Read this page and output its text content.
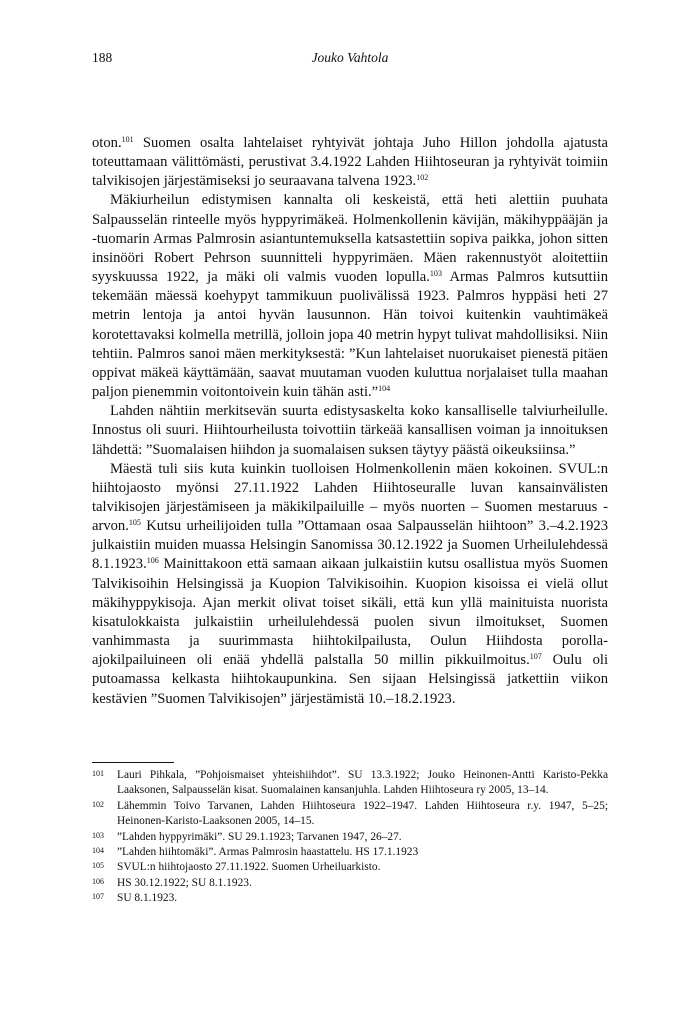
188	Jouko Vahtola

oton.$^{101}$ Suomen osalta lahtelaiset ryhtyivät johtaja Juho Hillon johdolla ajatusta toteuttamaan välittömästi, perustivat 3.4.1922 Lahden Hiihtoseuran ja ryhtyivät toimiin talvikisojen järjestämiseksi jo seuraavana talvena 1923.$^{102}$

Mäkiurheilun edistymisen kannalta oli keskeistä, että heti alettiin puuhata Salpausselän rinteelle myös hyppyrimäkeä. Holmenkollenin kävijän, mäkihyppääjän ja -tuomarin Armas Palmrosin asiantuntemuksella katsastettiin sopiva paikka, johon sitten insinööri Robert Pehrson suunnitteli hyppyrimäen. Mäen rakennustyöt aloitettiin syyskuussa 1922, ja mäki oli valmis vuoden lopulla.$^{103}$ Armas Palmros kutsuttiin tekemään mäessä koehypyt tammikuun puolivälissä 1923. Palmros hyppäsi heti 27 metrin lentoja ja antoi hyvän lausunnon. Hän toivoi kuitenkin vauhtimäkeä korotettavaksi kolmella metrillä, jolloin jopa 40 metrin hypyt tulivat mahdollisiksi. Niin tehtiin. Palmros sanoi mäen merkityksestä: ”Kun lahtelaiset nuorukaiset pienestä pitäen oppivat mäkeä käyttämään, saavat muutaman vuoden kuluttua norjalaiset tulla maahan paljon pienemmin voitontoivein kuin tähän asti.”$^{104}$

Lahden nähtiin merkitsevän suurta edistysaskelta koko kansalliselle talviurheilulle. Innostus oli suuri. Hiihtourheilusta toivottiin tärkeää kansallisen voiman ja innoituksen lähdettä: ”Suomalaisen hiihdon ja suomalaisen suksen täytyy päästä oikeuksiinsa.”

Mäestä tuli siis kuta kuinkin tuolloisen Holmenkollenin mäen kokoinen. SVUL:n hiihtojaosto myönsi 27.11.1922 Lahden Hiihtoseuralle luvan kansainvälisten talvikisojen järjestämiseen ja mäkikilpailuille – myös nuorten – Suomen mestaruus -arvon.$^{105}$ Kutsu urheilijoiden tulla ”Ottamaan osaa Salpausselän hiihtoon” 3.–4.2.1923 julkaistiin muiden muassa Helsingin Sanomissa 30.12.1922 ja Suomen Urheilulehdessä 8.1.1923.$^{106}$ Mainittakoon että samaan aikaan julkaistiin kutsu osallistua myös Suomen Talvikisoihin Helsingissä ja Kuopion Talvikisoihin. Kuopion kisoissa ei vielä ollut mäkihyppykisoja. Ajan merkit olivat toiset sikäli, että kun yllä mainituista nuorista kisatulokkaista julkaistiin urheilulehdessä puolen sivun ilmoitukset, Suomen vanhimmasta ja suurimmasta hiihtokilpailusta, Oulun Hiihdosta porolla-ajokilpailuineen oli enää yhdellä palstalla 50 millin pikkuilmoitus.$^{107}$ Oulu oli putoamassa kelkasta hiihtokaupunkina. Sen sijaan Helsingissä jatkettiin viikon kestävien ”Suomen Talvikisojen” järjestämistä 10.–18.2.1923.

101 Lauri Pihkala, ”Pohjoismaiset yhteishiihdot”. SU 13.3.1922; Jouko Heinonen-Antti Karisto-Pekka Laaksonen, Salpausselän kisat. Suomalainen kansanjuhla. Lahden Hiihtoseura ry 2005, 13–14.
102 Lähemmin Toivo Tarvanen, Lahden Hiihtoseura 1922–1947. Lahden Hiihtoseura r.y. 1947, 5–25; Heinonen-Karisto-Laaksonen 2005, 14–15.
103 ”Lahden hyppyrimäki”. SU 29.1.1923; Tarvanen 1947, 26–27.
104 ”Lahden hiihtomäki”. Armas Palmrosin haastattelu. HS 17.1.1923
105 SVUL:n hiihtojaosto 27.11.1922. Suomen Urheiluarkisto.
106 HS 30.12.1922; SU 8.1.1923.
107 SU 8.1.1923.
